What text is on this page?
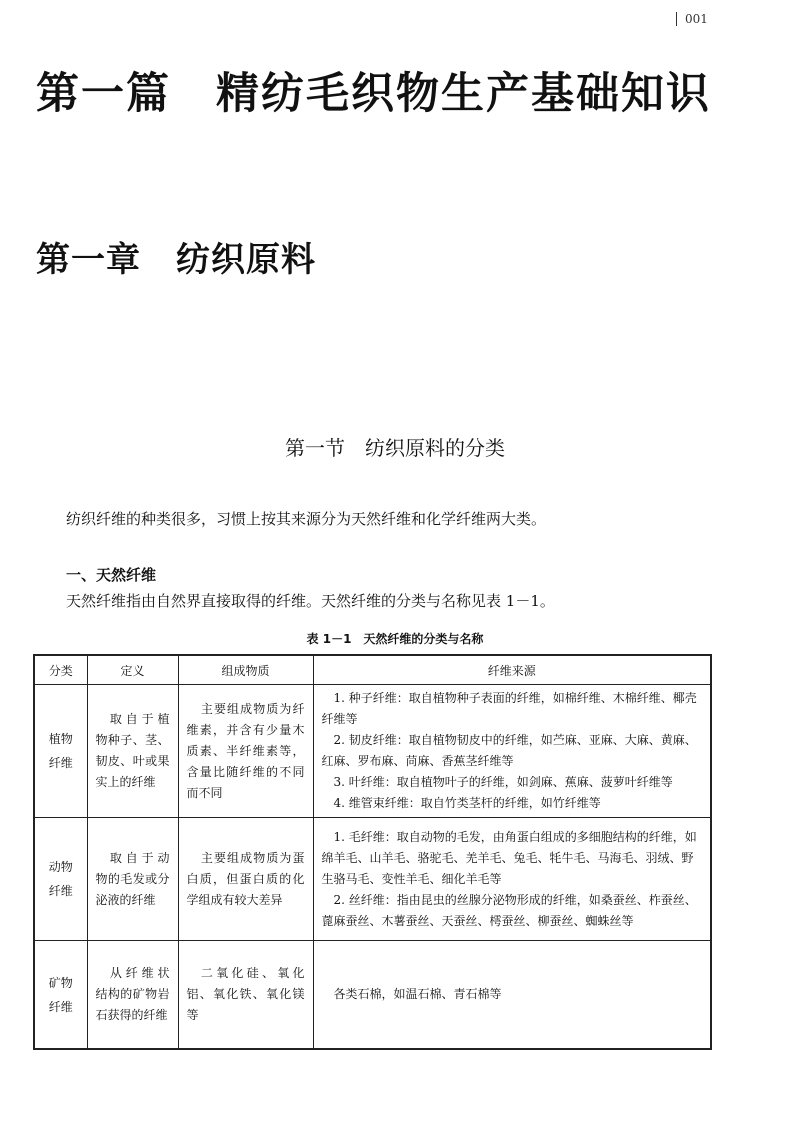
001
第一篇　精纺毛织物生产基础知识
第一章　纺织原料
第一节　纺织原料的分类

纺织纤维的种类很多，习惯上按其来源分为天然纤维和化学纤维两大类。

一、天然纤维

天然纤维指由自然界直接取得的纤维。天然纤维的分类与名称见表 1－1。

表 1－1　天然纤维的分类与名称

分类	定义	组成物质	纤维来源
植物
纤维	取自于植物种子、茎、韧皮、叶或果实上的纤维	主要组成物质为纤维素，并含有少量木质素、半纤维素等，含量比随纤维的不同而不同	1. 种子纤维：取自植物种子表面的纤维，如棉纤维、木棉纤维、椰壳纤维等
2. 韧皮纤维：取自植物韧皮中的纤维，如苎麻、亚麻、大麻、黄麻、红麻、罗布麻、苘麻、香蕉茎纤维等
3. 叶纤维：取自植物叶子的纤维，如剑麻、蕉麻、菠萝叶纤维等
4. 维管束纤维：取自竹类茎杆的纤维，如竹纤维等

动物
纤维	取自于动物的毛发或分泌液的纤维	主要组成物质为蛋白质，但蛋白质的化学组成有较大差异	1. 毛纤维：取自动物的毛发，由角蛋白组成的多细胞结构的纤维，如绵羊毛、山羊毛、骆驼毛、羌羊毛、兔毛、牦牛毛、马海毛、羽绒、野生骆马毛、变性羊毛、细化羊毛等
2. 丝纤维：指由昆虫的丝腺分泌物形成的纤维，如桑蚕丝、柞蚕丝、蓖麻蚕丝、木薯蚕丝、天蚕丝、樗蚕丝、柳蚕丝、蜘蛛丝等

矿物
纤维	从纤维状结构的矿物岩石获得的纤维	二氧化硅、氧化铝、氧化铁、氧化镁等	各类石棉，如温石棉、青石棉等
